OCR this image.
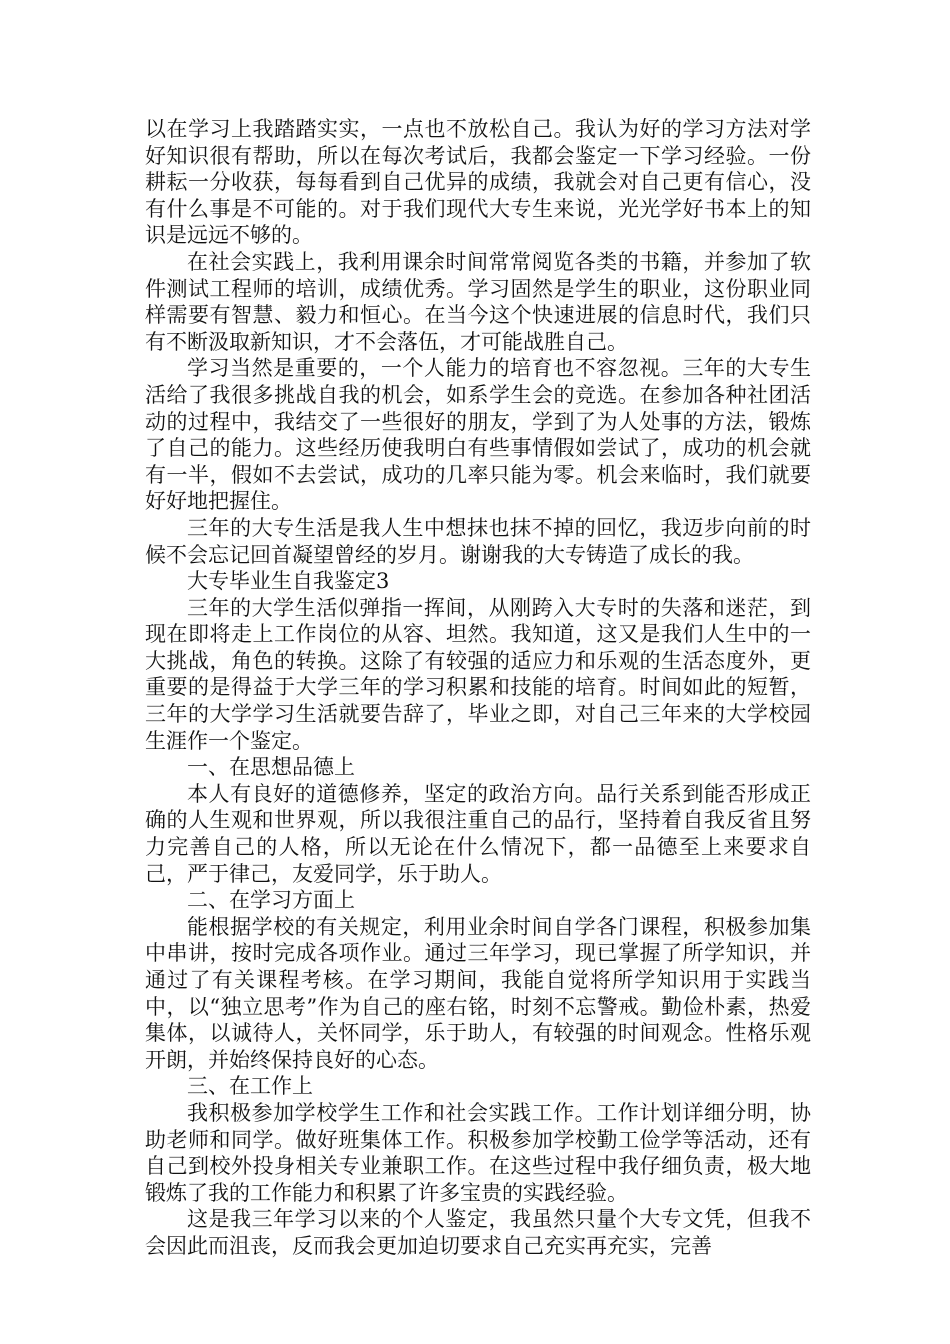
以在学习上我踏踏实实，一点也不放松自己。我认为好的学习方法对学好知识很有帮助，所以在每次考试后，我都会鉴定一下学习经验。一份耕耘一分收获，每每看到自己优异的成绩，我就会对自己更有信心，没有什么事是不可能的。对于我们现代大专生来说，光光学好书本上的知识是远远不够的。

在社会实践上，我利用课余时间常常阅览各类的书籍，并参加了软件测试工程师的培训，成绩优秀。学习固然是学生的职业，这份职业同样需要有智慧、毅力和恒心。在当今这个快速进展的信息时代，我们只有不断汲取新知识，才不会落伍，才可能战胜自己。

学习当然是重要的，一个人能力的培育也不容忽视。三年的大专生活给了我很多挑战自我的机会，如系学生会的竞选。在参加各种社团活动的过程中，我结交了一些很好的朋友，学到了为人处事的方法，锻炼了自己的能力。这些经历使我明白有些事情假如尝试了，成功的机会就有一半，假如不去尝试，成功的几率只能为零。机会来临时，我们就要好好地把握住。

三年的大专生活是我人生中想抹也抹不掉的回忆，我迈步向前的时候不会忘记回首凝望曾经的岁月。谢谢我的大专铸造了成长的我。

大专毕业生自我鉴定3

三年的大学生活似弹指一挥间，从刚跨入大专时的失落和迷茫，到现在即将走上工作岗位的从容、坦然。我知道，这又是我们人生中的一大挑战，角色的转换。这除了有较强的适应力和乐观的生活态度外，更重要的是得益于大学三年的学习积累和技能的培育。时间如此的短暂，三年的大学学习生活就要告辞了，毕业之即，对自己三年来的大学校园生涯作一个鉴定。

一、在思想品德上

本人有良好的道德修养，坚定的政治方向。品行关系到能否形成正确的人生观和世界观，所以我很注重自己的品行，坚持着自我反省且努力完善自己的人格，所以无论在什么情况下，都一品德至上来要求自己，严于律己，友爱同学，乐于助人。

二、在学习方面上

能根据学校的有关规定，利用业余时间自学各门课程，积极参加集中串讲，按时完成各项作业。通过三年学习，现已掌握了所学知识，并通过了有关课程考核。在学习期间，我能自觉将所学知识用于实践当中，以“独立思考”作为自己的座右铭，时刻不忘警戒。勤俭朴素，热爱集体，以诚待人，关怀同学，乐于助人，有较强的时间观念。性格乐观开朗，并始终保持良好的心态。

三、在工作上

我积极参加学校学生工作和社会实践工作。工作计划详细分明，协助老师和同学。做好班集体工作。积极参加学校勤工俭学等活动，还有自己到校外投身相关专业兼职工作。在这些过程中我仔细负责，极大地锻炼了我的工作能力和积累了许多宝贵的实践经验。

这是我三年学习以来的个人鉴定，我虽然只量个大专文凭，但我不会因此而沮丧，反而我会更加迫切要求自己充实再充实，完善
